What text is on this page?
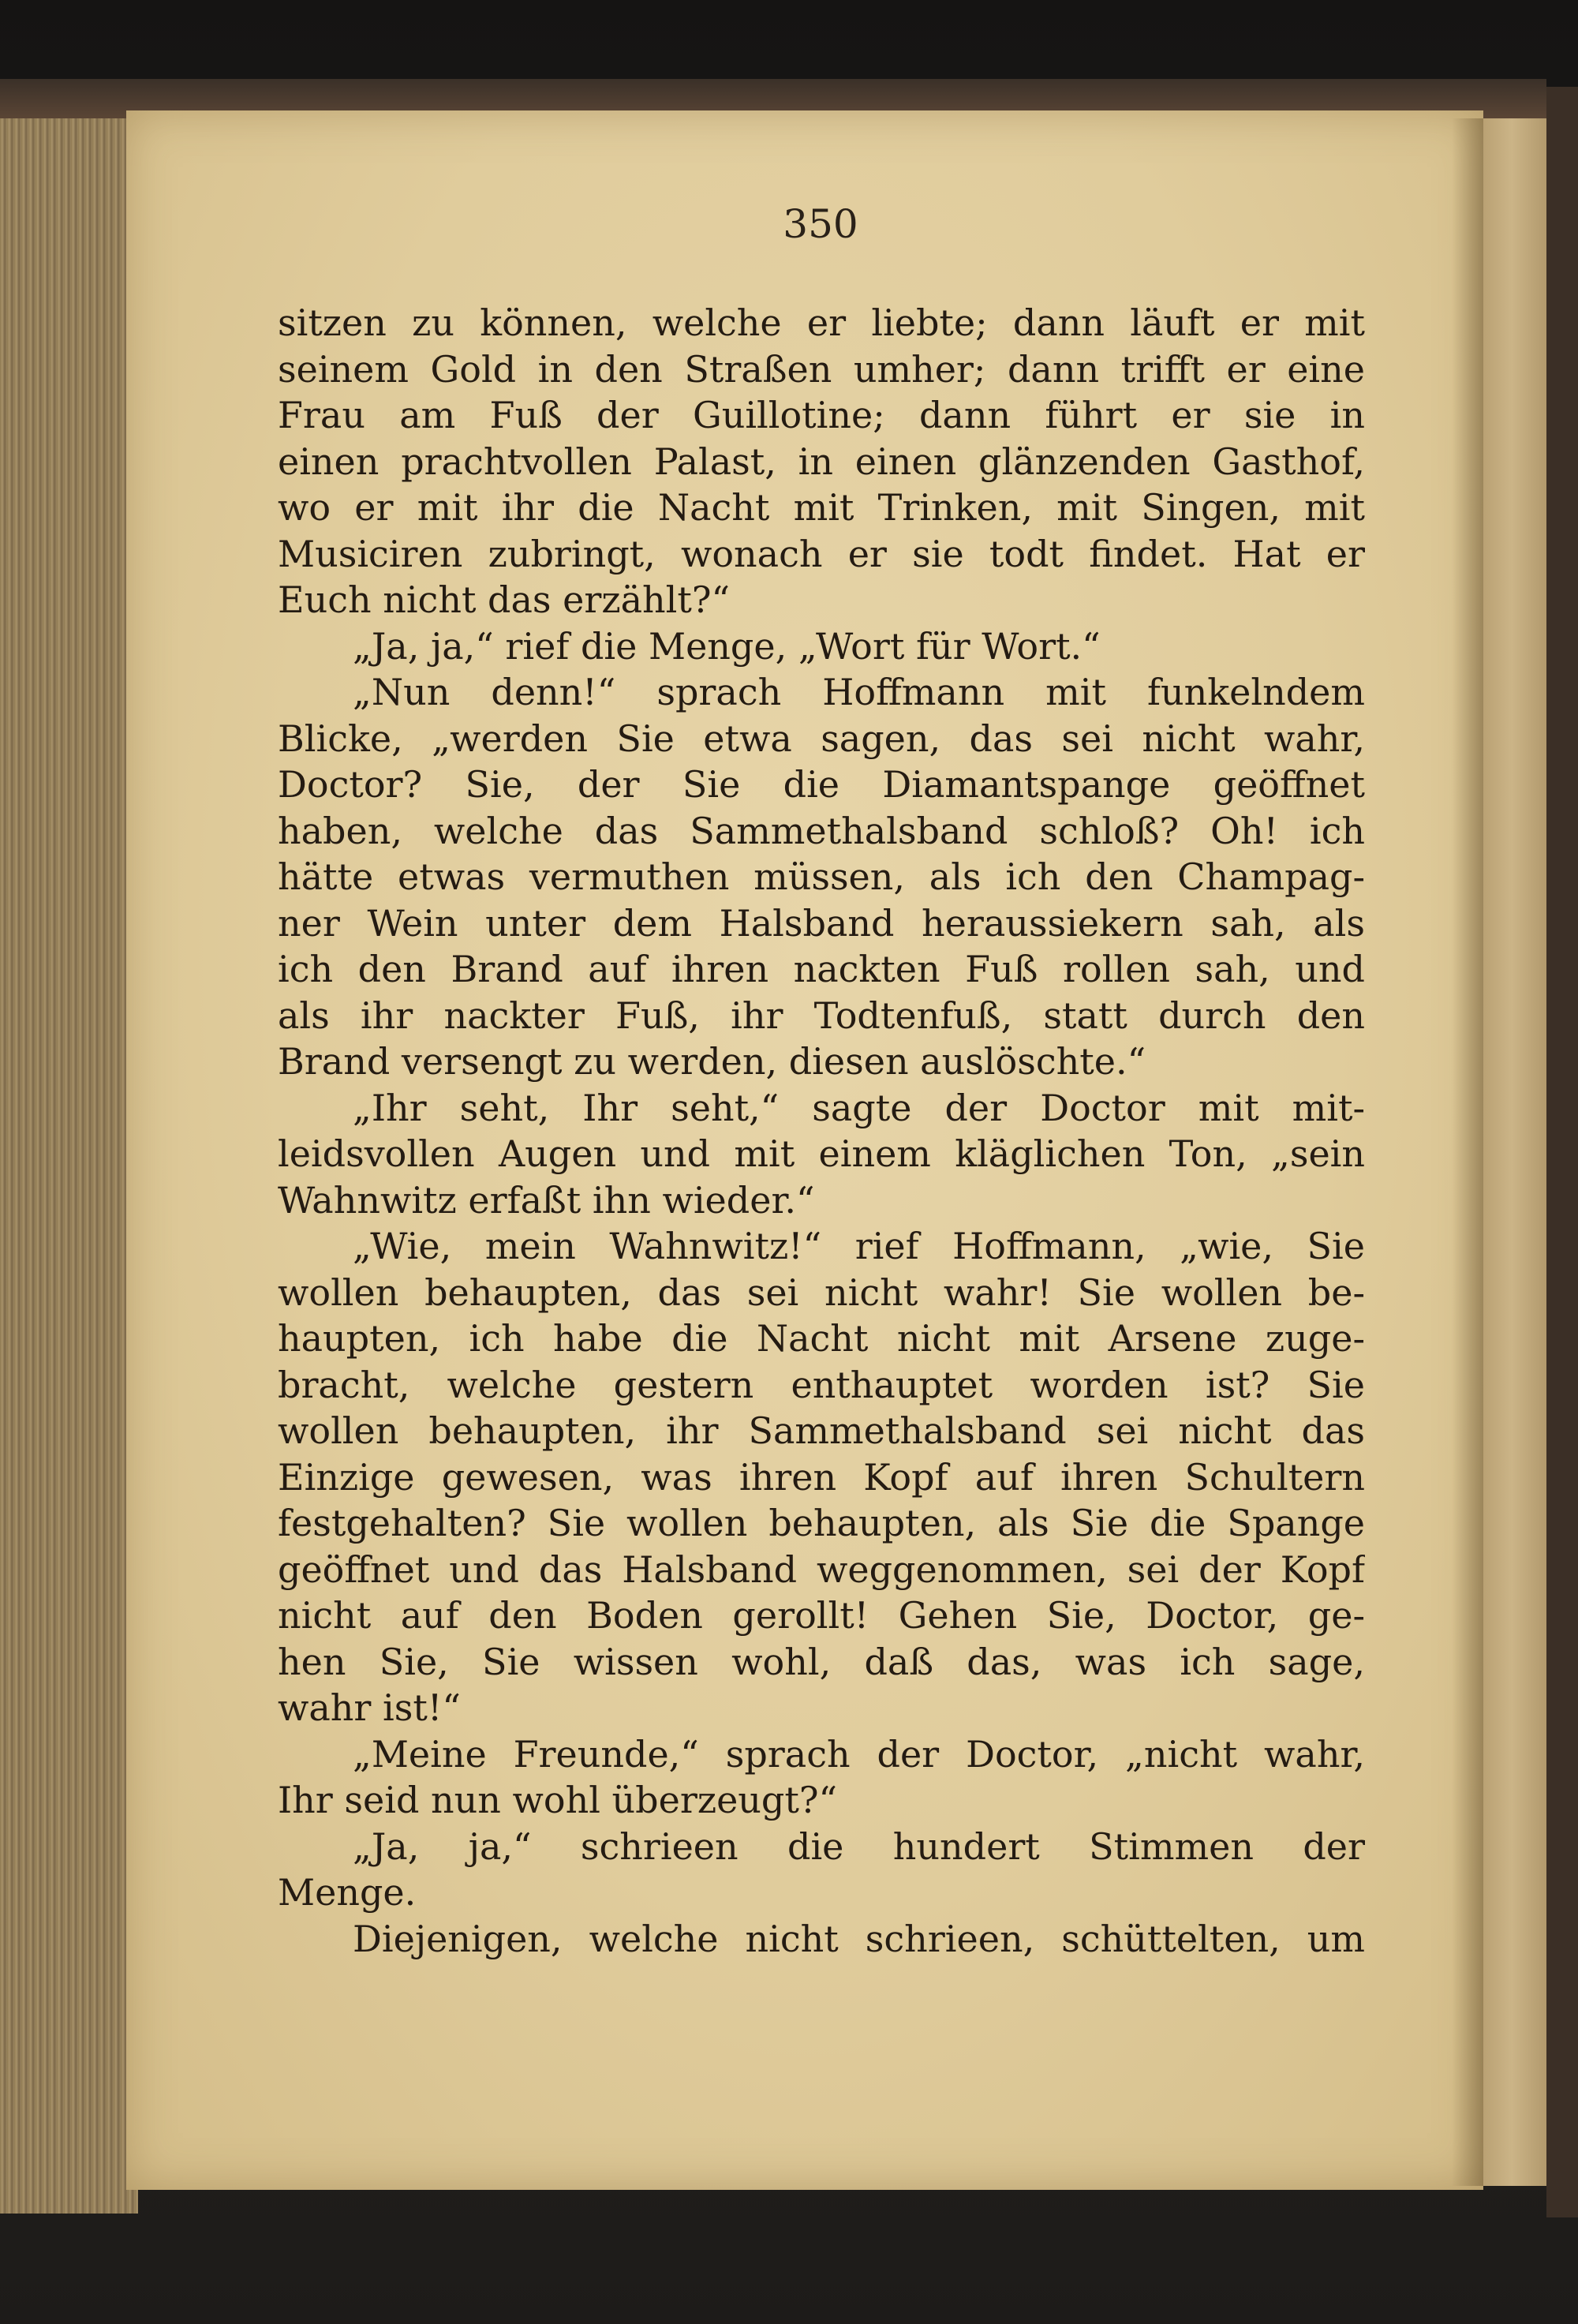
350
sitzen zu können, welche er liebte; dann läuft er mit
seinem Gold in den Straßen umher; dann trifft er eine
Frau am Fuß der Guillotine; dann führt er sie in
einen prachtvollen Palast, in einen glänzenden Gasthof,
wo er mit ihr die Nacht mit Trinken, mit Singen, mit
Musiciren zubringt, wonach er sie todt findet. Hat er
Euch nicht das erzählt?“
„Ja, ja,“ rief die Menge, „Wort für Wort.“
„Nun denn!“ sprach Hoffmann mit funkelndem
Blicke, „werden Sie etwa sagen, das sei nicht wahr,
Doctor? Sie, der Sie die Diamantspange geöffnet
haben, welche das Sammethalsband schloß? Oh! ich
hätte etwas vermuthen müssen, als ich den Champag-
ner Wein unter dem Halsband heraussiekern sah, als
ich den Brand auf ihren nackten Fuß rollen sah, und
als ihr nackter Fuß, ihr Todtenfuß, statt durch den
Brand versengt zu werden, diesen auslöschte.“
„Ihr seht, Ihr seht,“ sagte der Doctor mit mit-
leidsvollen Augen und mit einem kläglichen Ton, „sein
Wahnwitz erfaßt ihn wieder.“
„Wie, mein Wahnwitz!“ rief Hoffmann, „wie, Sie
wollen behaupten, das sei nicht wahr! Sie wollen be-
haupten, ich habe die Nacht nicht mit Arsene zuge-
bracht, welche gestern enthauptet worden ist? Sie
wollen behaupten, ihr Sammethalsband sei nicht das
Einzige gewesen, was ihren Kopf auf ihren Schultern
festgehalten? Sie wollen behaupten, als Sie die Spange
geöffnet und das Halsband weggenommen, sei der Kopf
nicht auf den Boden gerollt! Gehen Sie, Doctor, ge-
hen Sie, Sie wissen wohl, daß das, was ich sage,
wahr ist!“
„Meine Freunde,“ sprach der Doctor, „nicht wahr,
Ihr seid nun wohl überzeugt?“
„Ja, ja,“ schrieen die hundert Stimmen der
Menge.
Diejenigen, welche nicht schrieen, schüttelten, um
